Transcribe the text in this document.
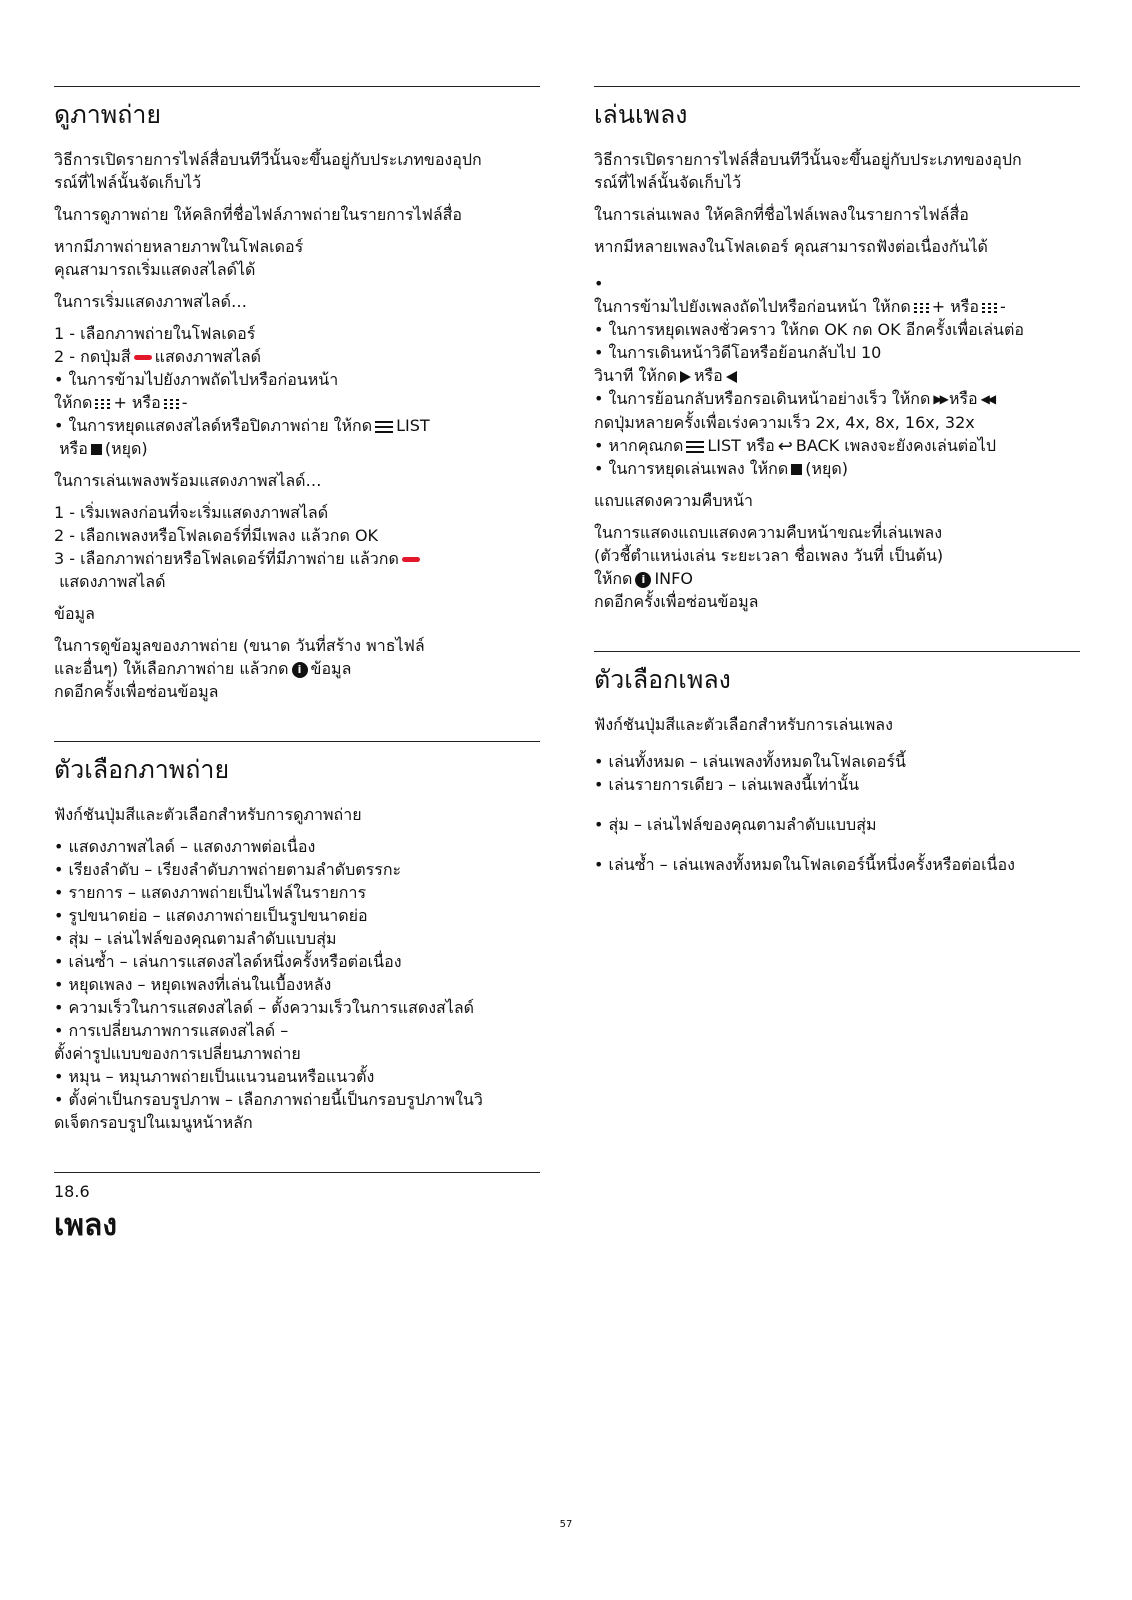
ดูภาพถ่าย
วิธีการเปิดรายการไฟล์สื่อบนทีวีนั้นจะขึ้นอยู่กับประเภทของอุปก
รณ์ที่ไฟล์นั้นจัดเก็บไว้

ในการดูภาพถ่าย ให้คลิกที่ชื่อไฟล์ภาพถ่ายในรายการไฟล์สื่อ

หากมีภาพถ่ายหลายภาพในโฟลเดอร์
คุณสามารถเริ่มแสดงสไลด์ได้

ในการเริ่มแสดงภาพสไลด์…

1 - เลือกภาพถ่ายในโฟลเดอร์
2 - กดปุ่มสี แสดงภาพสไลด์
• ในการข้ามไปยังภาพถัดไปหรือก่อนหน้า
ให้กด + หรือ -
• ในการหยุดแสดงสไลด์หรือปิดภาพถ่าย ให้กด LIST
หรือ (หยุด)

ในการเล่นเพลงพร้อมแสดงภาพสไลด์…

1 - เริ่มเพลงก่อนที่จะเริ่มแสดงภาพสไลด์
2 - เลือกเพลงหรือโฟลเดอร์ที่มีเพลง แล้วกด OK
3 - เลือกภาพถ่ายหรือโฟลเดอร์ที่มีภาพถ่าย แล้วกด
แสดงภาพสไลด์

ข้อมูล

ในการดูข้อมูลของภาพถ่าย (ขนาด วันที่สร้าง พาธไฟล์
และอื่นๆ) ให้เลือกภาพถ่าย แล้วกด i ข้อมูล
กดอีกครั้งเพื่อซ่อนข้อมูล
ตัวเลือกภาพถ่าย

ฟังก์ชันปุ่มสีและตัวเลือกสำหรับการดูภาพถ่าย

• แสดงภาพสไลด์ – แสดงภาพต่อเนื่อง
• เรียงลำดับ – เรียงลำดับภาพถ่ายตามลำดับตรรกะ
• รายการ – แสดงภาพถ่ายเป็นไฟล์ในรายการ
• รูปขนาดย่อ – แสดงภาพถ่ายเป็นรูปขนาดย่อ
• สุ่ม – เล่นไฟล์ของคุณตามลำดับแบบสุ่ม
• เล่นซ้ำ – เล่นการแสดงสไลด์หนึ่งครั้งหรือต่อเนื่อง
• หยุดเพลง – หยุดเพลงที่เล่นในเบื้องหลัง
• ความเร็วในการแสดงสไลด์ – ตั้งความเร็วในการแสดงสไลด์
• การเปลี่ยนภาพการแสดงสไลด์ –
ตั้งค่ารูปแบบของการเปลี่ยนภาพถ่าย
• หมุน – หมุนภาพถ่ายเป็นแนวนอนหรือแนวตั้ง
• ตั้งค่าเป็นกรอบรูปภาพ – เลือกภาพถ่ายนี้เป็นกรอบรูปภาพในวิ
ดเจ็ตกรอบรูปในเมนูหน้าหลัก
18.6
เพลง
เล่นเพลง
วิธีการเปิดรายการไฟล์สื่อบนทีวีนั้นจะขึ้นอยู่กับประเภทของอุปก
รณ์ที่ไฟล์นั้นจัดเก็บไว้

ในการเล่นเพลง ให้คลิกที่ชื่อไฟล์เพลงในรายการไฟล์สื่อ

หากมีหลายเพลงในโฟลเดอร์ คุณสามารถฟังต่อเนื่องกันได้

•
ในการข้ามไปยังเพลงถัดไปหรือก่อนหน้า ให้กด + หรือ -
• ในการหยุดเพลงชั่วคราว ให้กด OK กด OK อีกครั้งเพื่อเล่นต่อ
• ในการเดินหน้าวิดีโอหรือย้อนกลับไป 10
วินาที ให้กด หรือ
• ในการย้อนกลับหรือกรอเดินหน้าอย่างเร็ว ให้กด ▶▶ หรือ ◀◀
กดปุ่มหลายครั้งเพื่อเร่งความเร็ว 2x, 4x, 8x, 16x, 32x
• หากคุณกด LIST หรือ ↩ BACK เพลงจะยังคงเล่นต่อไป
• ในการหยุดเล่นเพลง ให้กด (หยุด)

แถบแสดงความคืบหน้า

ในการแสดงแถบแสดงความคืบหน้าขณะที่เล่นเพลง
(ตัวชี้ตำแหน่งเล่น ระยะเวลา ชื่อเพลง วันที่ เป็นต้น)
ให้กด i INFO
กดอีกครั้งเพื่อซ่อนข้อมูล
ตัวเลือกเพลง

ฟังก์ชันปุ่มสีและตัวเลือกสำหรับการเล่นเพลง

• เล่นทั้งหมด – เล่นเพลงทั้งหมดในโฟลเดอร์นี้
• เล่นรายการเดียว – เล่นเพลงนี้เท่านั้น

• สุ่ม – เล่นไฟล์ของคุณตามลำดับแบบสุ่ม

• เล่นซ้ำ – เล่นเพลงทั้งหมดในโฟลเดอร์นี้หนึ่งครั้งหรือต่อเนื่อง

57
